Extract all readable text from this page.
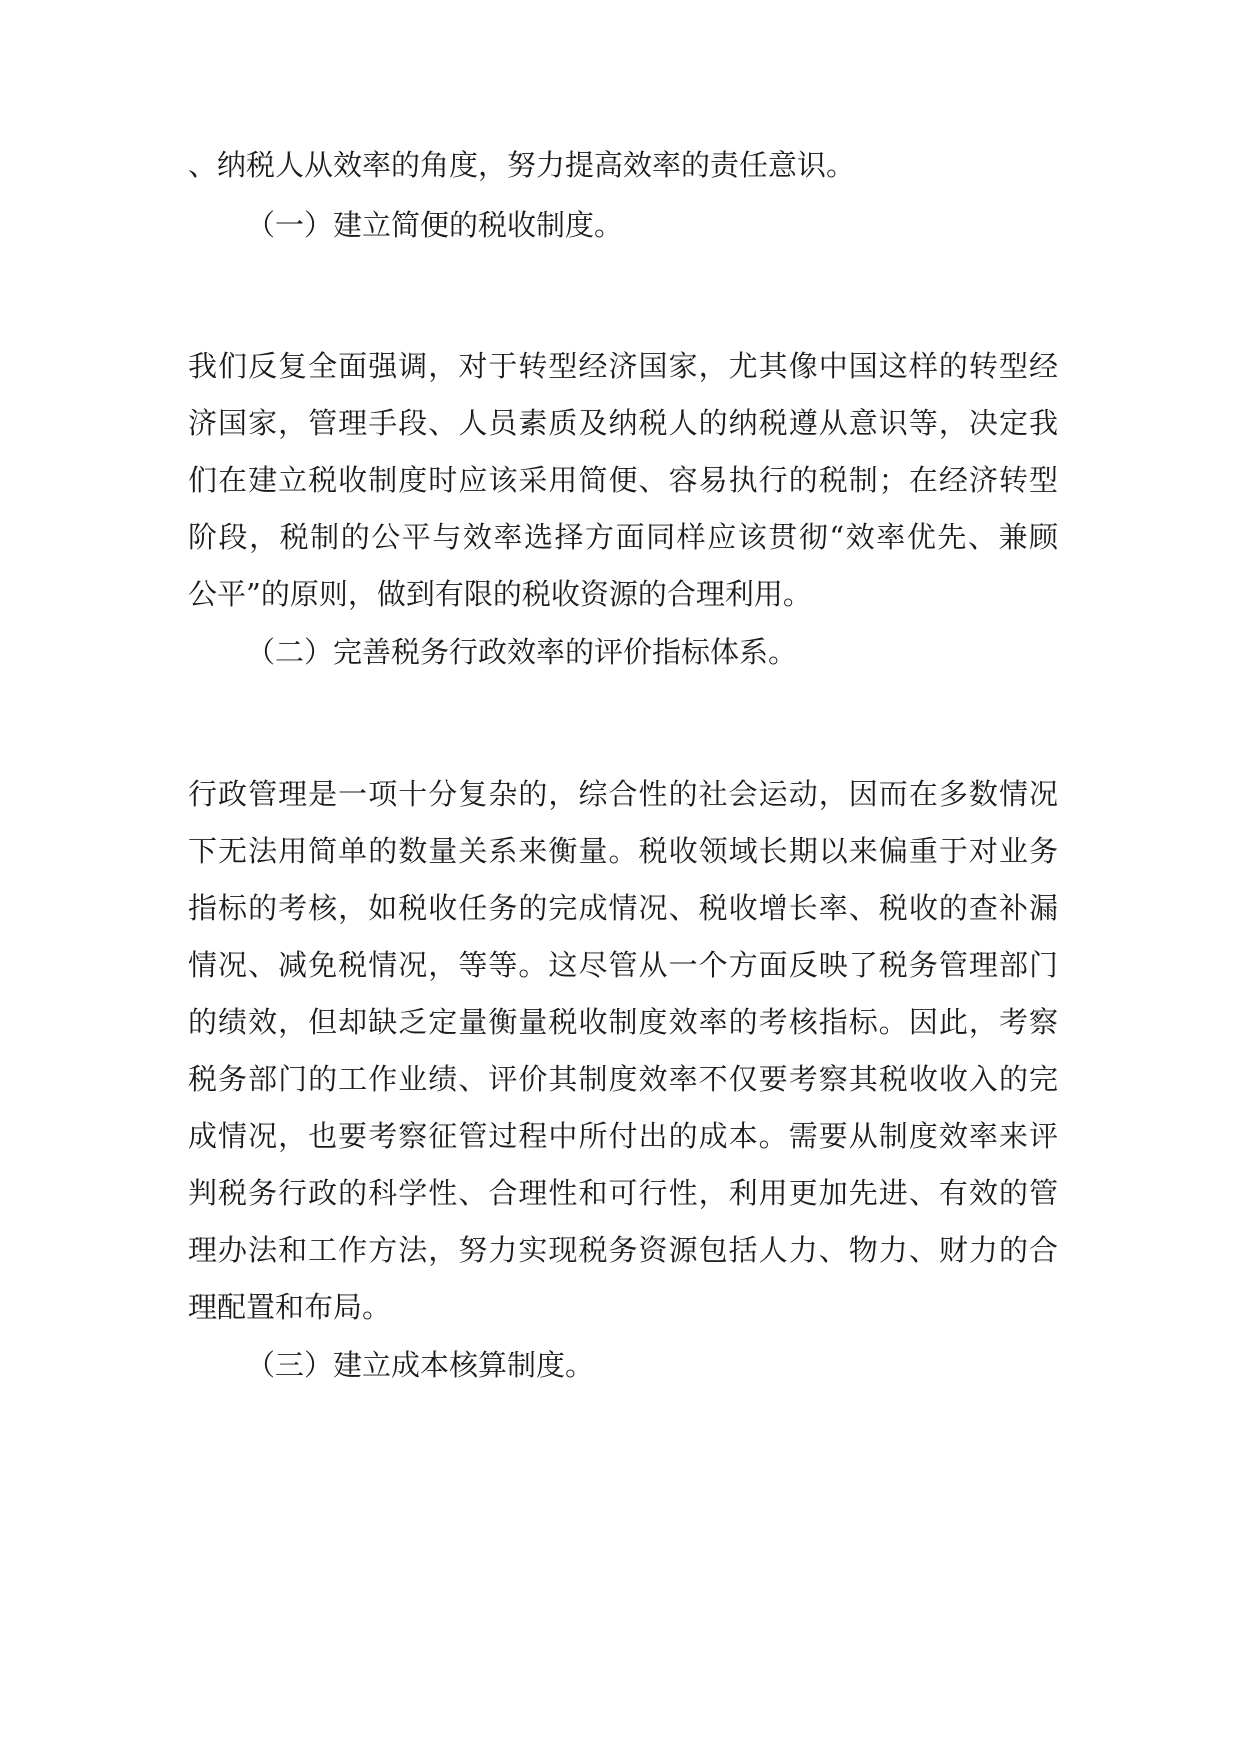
、纳税人从效率的角度，努力提高效率的责任意识。
（一）建立简便的税收制度。
我们反复全面强调，对于转型经济国家，尤其像中国这样的转型经
济国家，管理手段、人员素质及纳税人的纳税遵从意识等，决定我
们在建立税收制度时应该采用简便、容易执行的税制；在经济转型
阶段，税制的公平与效率选择方面同样应该贯彻“效率优先、兼顾
公平”的原则，做到有限的税收资源的合理利用。
（二）完善税务行政效率的评价指标体系。
行政管理是一项十分复杂的，综合性的社会运动，因而在多数情况
下无法用简单的数量关系来衡量。税收领域长期以来偏重于对业务
指标的考核，如税收任务的完成情况、税收增长率、税收的查补漏
情况、减免税情况，等等。这尽管从一个方面反映了税务管理部门
的绩效，但却缺乏定量衡量税收制度效率的考核指标。因此，考察
税务部门的工作业绩、评价其制度效率不仅要考察其税收收入的完
成情况，也要考察征管过程中所付出的成本。需要从制度效率来评
判税务行政的科学性、合理性和可行性，利用更加先进、有效的管
理办法和工作方法，努力实现税务资源包括人力、物力、财力的合
理配置和布局。
（三）建立成本核算制度。
